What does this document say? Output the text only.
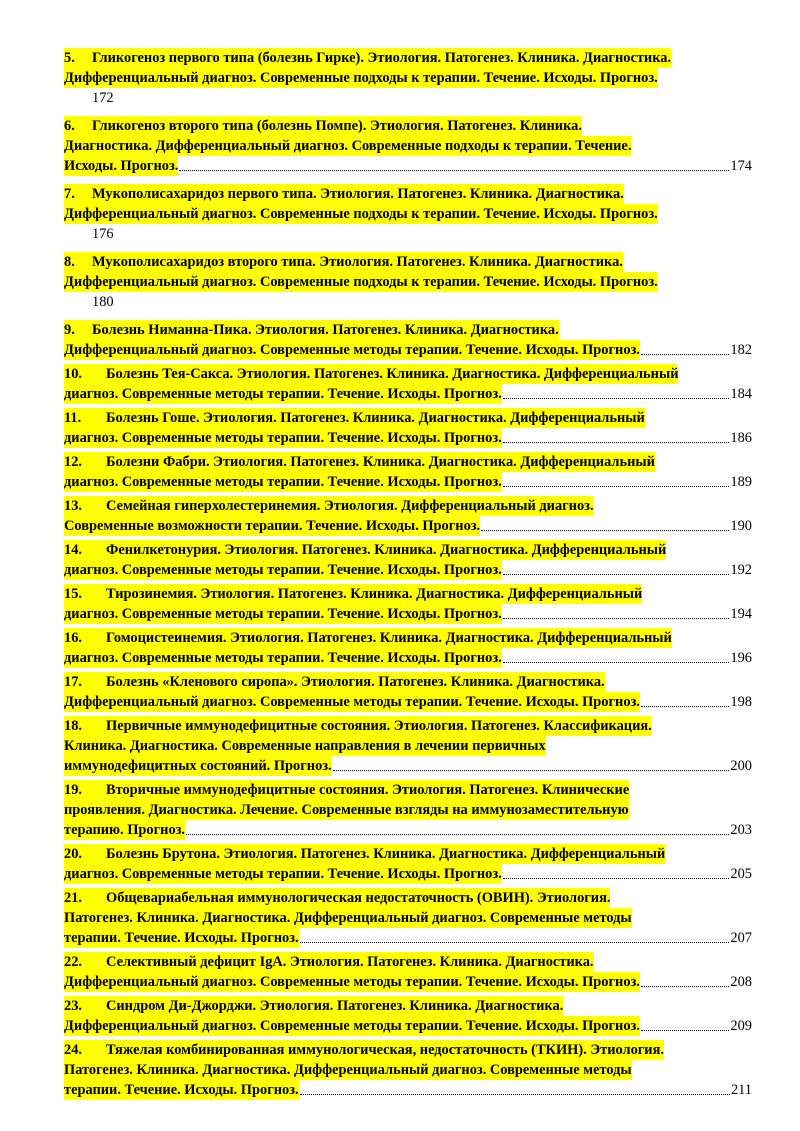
5. Гликогеноз первого типа (болезнь Гирке). Этиология. Патогенез. Клиника. Диагностика.
Дифференциальный диагноз. Современные подходы к терапии. Течение. Исходы. Прогноз.
172
6. Гликогеноз второго типа (болезнь Помпе). Этиология. Патогенез. Клиника.
Диагностика. Дифференциальный диагноз. Современные подходы к терапии. Течение.
Исходы. Прогноз.	174
7. Мукополисахаридоз первого типа. Этиология. Патогенез. Клиника. Диагностика.
Дифференциальный диагноз. Современные подходы к терапии. Течение. Исходы. Прогноз.
176
8. Мукополисахаридоз второго типа. Этиология. Патогенез. Клиника. Диагностика.
Дифференциальный диагноз. Современные подходы к терапии. Течение. Исходы. Прогноз.
180
9. Болезнь Ниманна-Пика. Этиология. Патогенез. Клиника. Диагностика.
Дифференциальный диагноз. Современные методы терапии. Течение. Исходы. Прогноз.	182
10. Болезнь Тея-Сакса. Этиология. Патогенез. Клиника. Диагностика. Дифференциальный
диагноз. Современные методы терапии. Течение. Исходы. Прогноз.	184
11. Болезнь Гоше. Этиология. Патогенез. Клиника. Диагностика. Дифференциальный
диагноз. Современные методы терапии. Течение. Исходы. Прогноз.	186
12. Болезни Фабри. Этиология. Патогенез. Клиника. Диагностика. Дифференциальный
диагноз. Современные методы терапии. Течение. Исходы. Прогноз.	189
13. Семейная гиперхолестеринемия. Этиология. Дифференциальный диагноз.
Современные возможности терапии. Течение. Исходы. Прогноз.	190
14. Фенилкетонурия. Этиология. Патогенез. Клиника. Диагностика. Дифференциальный
диагноз. Современные методы терапии. Течение. Исходы. Прогноз.	192
15. Тирозинемия. Этиология. Патогенез. Клиника. Диагностика. Дифференциальный
диагноз. Современные методы терапии. Течение. Исходы. Прогноз.	194
16. Гомоцистеинемия. Этиология. Патогенез. Клиника. Диагностика. Дифференциальный
диагноз. Современные методы терапии. Течение. Исходы. Прогноз.	196
17. Болезнь «Кленового сиропа». Этиология. Патогенез. Клиника. Диагностика.
Дифференциальный диагноз. Современные методы терапии. Течение. Исходы. Прогноз.	198
18. Первичные иммунодефицитные состояния. Этиология. Патогенез. Классификация.
Клиника. Диагностика. Современные направления в лечении первичных
иммунодефицитных состояний. Прогноз.	200
19. Вторичные иммунодефицитные состояния. Этиология. Патогенез. Клинические
проявления. Диагностика. Лечение. Современные взгляды на иммунозаместительную
терапию. Прогноз.	203
20. Болезнь Брутона. Этиология. Патогенез. Клиника. Диагностика. Дифференциальный
диагноз. Современные методы терапии. Течение. Исходы. Прогноз.	205
21. Общевариабельная иммунологическая недостаточность (ОВИН). Этиология.
Патогенез. Клиника. Диагностика. Дифференциальный диагноз. Современные методы
терапии. Течение. Исходы. Прогноз.	207
22. Селективный дефицит IgA. Этиология. Патогенез. Клиника. Диагностика.
Дифференциальный диагноз. Современные методы терапии. Течение. Исходы. Прогноз.	208
23. Синдром Ди-Джорджи. Этиология. Патогенез. Клиника. Диагностика.
Дифференциальный диагноз. Современные методы терапии. Течение. Исходы. Прогноз.	209
24. Тяжелая комбинированная иммунологическая, недостаточность (ТКИН). Этиология.
Патогенез. Клиника. Диагностика. Дифференциальный диагноз. Современные методы
терапии. Течение. Исходы. Прогноз.	211
